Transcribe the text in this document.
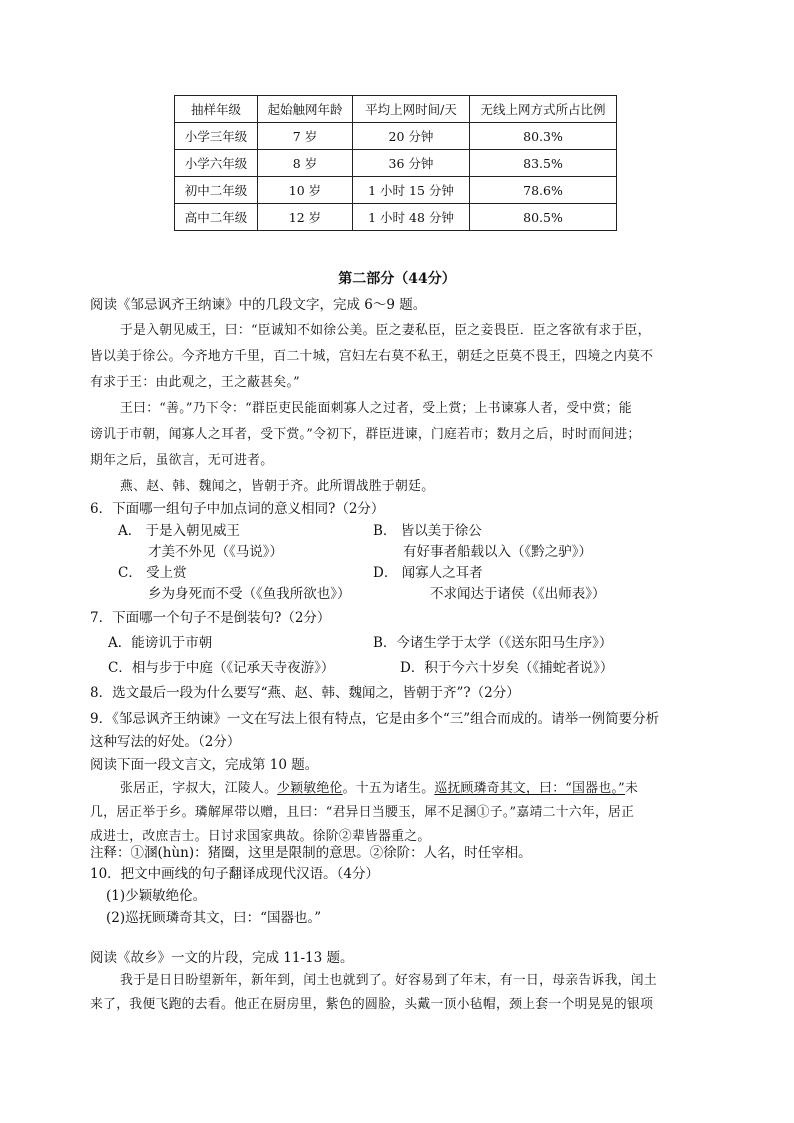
抽样年级	起始触网年龄	平均上网时间/天	无线上网方式所占比例
小学三年级	7 岁	20 分钟	80.3%
小学六年级	8 岁	36 分钟	83.5%
初中二年级	10 岁	1 小时 15 分钟	78.6%
高中二年级	12 岁	1 小时 48 分钟	80.5%
第二部分（44分）
阅读《邹忌讽齐王纳谏》中的几段文字，完成 6～9 题。
于是入朝见威王，曰：“臣诚知不如徐公美。臣之妻私臣，臣之妾畏臣．臣之客欲有求于臣，
皆以美于徐公。今齐地方千里，百二十城，宫妇左右莫不私王，朝廷之臣莫不畏王，四境之内莫不
有求于王：由此观之，王之蔽甚矣。”
王曰：“善。”乃下令：“群臣吏民能面刺寡人之过者，受上赏；上书谏寡人者，受中赏；能
谤讥于市朝，闻寡人之耳者，受下赏。”令初下，群臣进谏，门庭若市；数月之后，时时而间进；
期年之后，虽欲言，无可进者。
燕、赵、韩、魏闻之，皆朝于齐。此所谓战胜于朝廷。
6．下面哪一组句子中加点词的意义相同?（2分）
A． 于是入朝见威王
才美不外见（《马说》）
B． 皆以美于徐公
有好事者船载以入（《黔之驴》）
C． 受上赏
乡为身死而不受（《鱼我所欲也》）
D． 闻寡人之耳者
不求闻达于诸侯（《出师表》）
7．下面哪一个句子不是倒装句?（2分）
A．能谤讥于市朝	B．今诸生学于太学（《送东阳马生序》）
C．相与步于中庭（《记承天寺夜游》）	D．积于今六十岁矣（《捕蛇者说》）
8．选文最后一段为什么要写“燕、赵、韩、魏闻之，皆朝于齐”?（2分）
9．《邹忌讽齐王纳谏》一文在写法上很有特点，它是由多个“三”组合而成的。请举一例简要分析
这种写法的好处。（2分）
阅读下面一段文言文，完成第 10 题。
张居正，字叔大，江陵人。少颖敏绝伦。十五为诸生。巡抚顾璘奇其文，曰：“国器也。”未
几，居正举于乡。璘解犀带以赠，且曰：“君异日当腰玉，犀不足溷①子。”嘉靖二十六年，居正
成进士，改庶吉士。日讨求国家典故。徐阶②辈皆器重之。
注释：①溷(hùn)：猪圈，这里是限制的意思。②徐阶：人名，时任宰相。
10．把文中画线的句子翻译成现代汉语。（4分）
(1)少颖敏绝伦。
(2)巡抚顾璘奇其文，曰：“国器也。”
阅读《故乡》一文的片段，完成 11-13 题。
我于是日日盼望新年，新年到，闰土也就到了。好容易到了年末，有一日，母亲告诉我，闰土
来了，我便飞跑的去看。他正在厨房里，紫色的圆脸，头戴一顶小毡帽，颈上套一个明晃晃的银项
